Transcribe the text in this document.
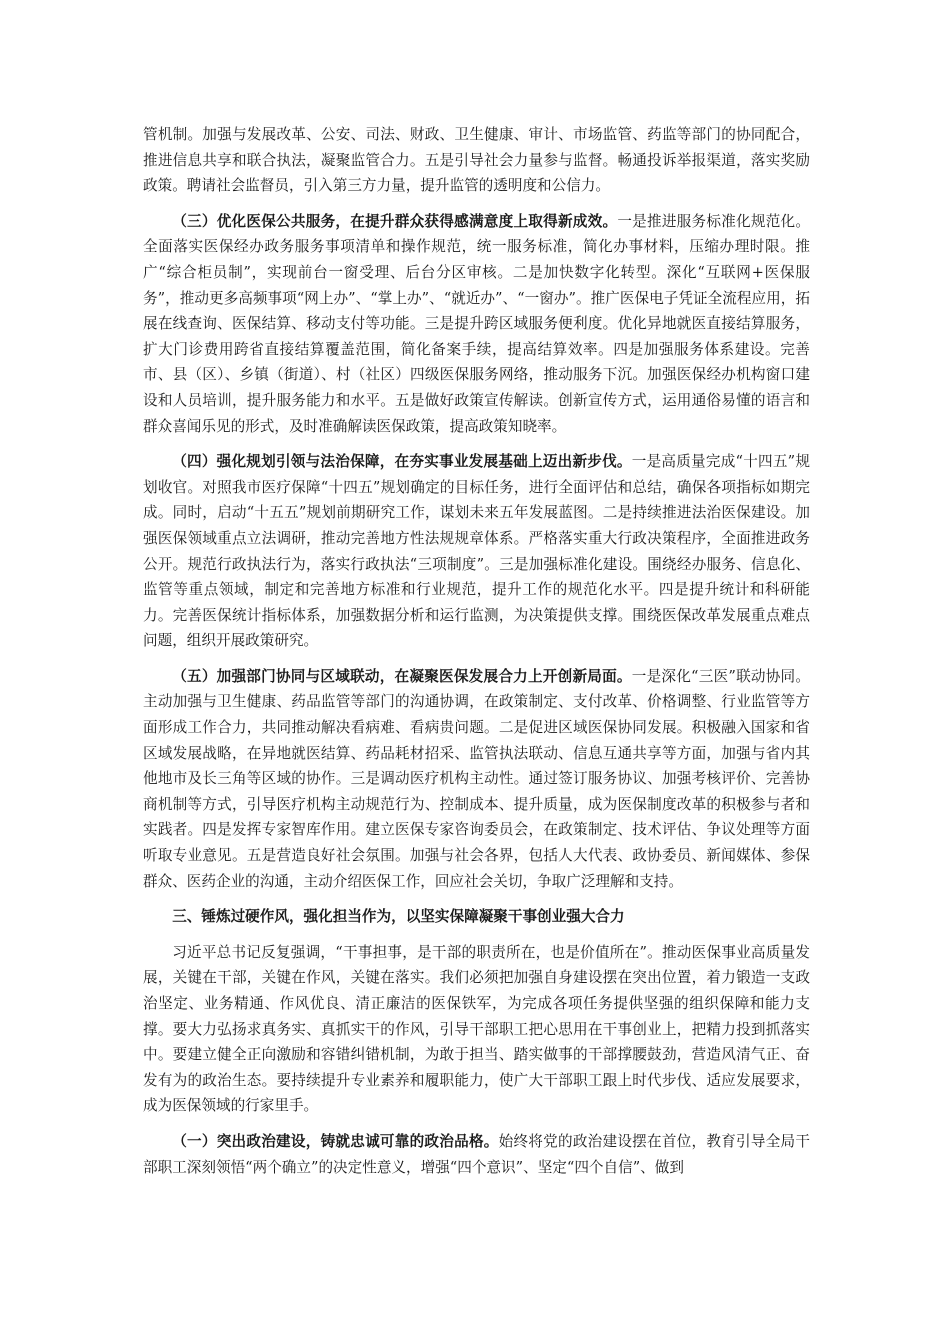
管机制。加强与发展改革、公安、司法、财政、卫生健康、审计、市场监管、药监等部门的协同配合，推进信息共享和联合执法，凝聚监管合力。五是引导社会力量参与监督。畅通投诉举报渠道，落实奖励政策。聘请社会监督员，引入第三方力量，提升监管的透明度和公信力。

（三）优化医保公共服务，在提升群众获得感满意度上取得新成效。一是推进服务标准化规范化。全面落实医保经办政务服务事项清单和操作规范，统一服务标准，简化办事材料，压缩办理时限。推广“综合柜员制”，实现前台一窗受理、后台分区审核。二是加快数字化转型。深化“互联网+医保服务”，推动更多高频事项“网上办”、“掌上办”、“就近办”、“一窗办”。推广医保电子凭证全流程应用，拓展在线查询、医保结算、移动支付等功能。三是提升跨区域服务便利度。优化异地就医直接结算服务，扩大门诊费用跨省直接结算覆盖范围，简化备案手续，提高结算效率。四是加强服务体系建设。完善市、县（区）、乡镇（街道）、村（社区）四级医保服务网络，推动服务下沉。加强医保经办机构窗口建设和人员培训，提升服务能力和水平。五是做好政策宣传解读。创新宣传方式，运用通俗易懂的语言和群众喜闻乐见的形式，及时准确解读医保政策，提高政策知晓率。

（四）强化规划引领与法治保障，在夯实事业发展基础上迈出新步伐。一是高质量完成“十四五”规划收官。对照我市医疗保障“十四五”规划确定的目标任务，进行全面评估和总结，确保各项指标如期完成。同时，启动“十五五”规划前期研究工作，谋划未来五年发展蓝图。二是持续推进法治医保建设。加强医保领域重点立法调研，推动完善地方性法规规章体系。严格落实重大行政决策程序，全面推进政务公开。规范行政执法行为，落实行政执法“三项制度”。三是加强标准化建设。围绕经办服务、信息化、监管等重点领域，制定和完善地方标准和行业规范，提升工作的规范化水平。四是提升统计和科研能力。完善医保统计指标体系，加强数据分析和运行监测，为决策提供支撑。围绕医保改革发展重点难点问题，组织开展政策研究。

（五）加强部门协同与区域联动，在凝聚医保发展合力上开创新局面。一是深化“三医”联动协同。主动加强与卫生健康、药品监管等部门的沟通协调，在政策制定、支付改革、价格调整、行业监管等方面形成工作合力，共同推动解决看病难、看病贵问题。二是促进区域医保协同发展。积极融入国家和省区域发展战略，在异地就医结算、药品耗材招采、监管执法联动、信息互通共享等方面，加强与省内其他地市及长三角等区域的协作。三是调动医疗机构主动性。通过签订服务协议、加强考核评价、完善协商机制等方式，引导医疗机构主动规范行为、控制成本、提升质量，成为医保制度改革的积极参与者和实践者。四是发挥专家智库作用。建立医保专家咨询委员会，在政策制定、技术评估、争议处理等方面听取专业意见。五是营造良好社会氛围。加强与社会各界，包括人大代表、政协委员、新闻媒体、参保群众、医药企业的沟通，主动介绍医保工作，回应社会关切，争取广泛理解和支持。

三、锤炼过硬作风，强化担当作为，以坚实保障凝聚干事创业强大合力

习近平总书记反复强调，“干事担事，是干部的职责所在，也是价值所在”。推动医保事业高质量发展，关键在干部，关键在作风，关键在落实。我们必须把加强自身建设摆在突出位置，着力锻造一支政治坚定、业务精通、作风优良、清正廉洁的医保铁军，为完成各项任务提供坚强的组织保障和能力支撑。要大力弘扬求真务实、真抓实干的作风，引导干部职工把心思用在干事创业上，把精力投到抓落实中。要建立健全正向激励和容错纠错机制，为敢于担当、踏实做事的干部撑腰鼓劲，营造风清气正、奋发有为的政治生态。要持续提升专业素养和履职能力，使广大干部职工跟上时代步伐、适应发展要求，成为医保领域的行家里手。

（一）突出政治建设，铸就忠诚可靠的政治品格。始终将党的政治建设摆在首位，教育引导全局干部职工深刻领悟“两个确立”的决定性意义，增强“四个意识”、坚定“四个自信”、做到
